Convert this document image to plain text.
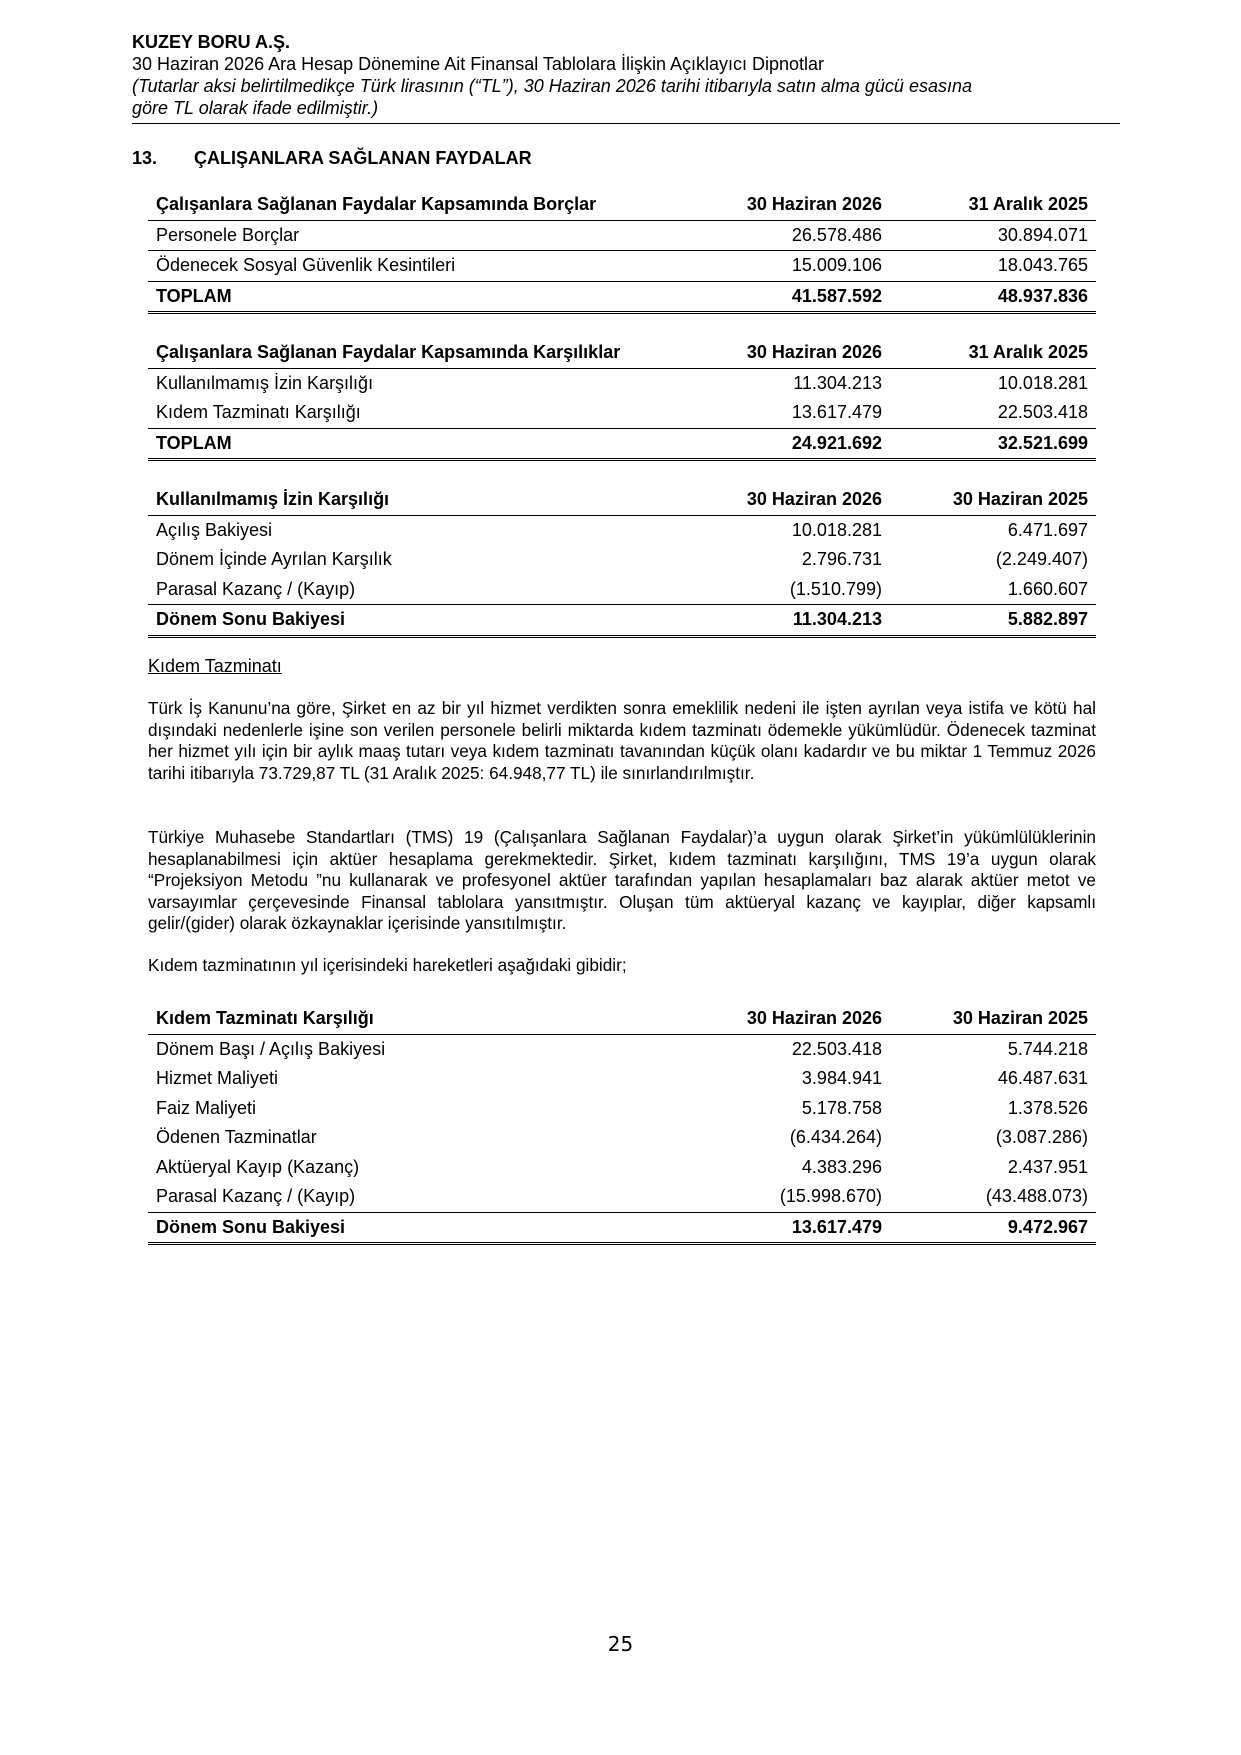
KUZEY BORU A.Ş.
30 Haziran 2026 Ara Hesap Dönemine Ait Finansal Tablolara İlişkin Açıklayıcı Dipnotlar
(Tutarlar aksi belirtilmedikçe Türk lirasının (“TL”), 30 Haziran 2026 tarihi itibarıyla satın alma gücü esasına
göre TL olarak ifade edilmiştir.)
13. ÇALIŞANLARA SAĞLANAN FAYDALAR
Çalışanlara Sağlanan Faydalar Kapsamında Borçlar	30 Haziran 2026	31 Aralık 2025
Personele Borçlar	26.578.486	30.894.071
Ödenecek Sosyal Güvenlik Kesintileri	15.009.106	18.043.765
TOPLAM	41.587.592	48.937.836
Çalışanlara Sağlanan Faydalar Kapsamında Karşılıklar	30 Haziran 2026	31 Aralık 2025
Kullanılmamış İzin Karşılığı	11.304.213	10.018.281
Kıdem Tazminatı Karşılığı	13.617.479	22.503.418
TOPLAM	24.921.692	32.521.699
Kullanılmamış İzin Karşılığı	30 Haziran 2026	30 Haziran 2025
Açılış Bakiyesi	10.018.281	6.471.697
Dönem İçinde Ayrılan Karşılık	2.796.731	(2.249.407)
Parasal Kazanç / (Kayıp)	(1.510.799)	1.660.607
Dönem Sonu Bakiyesi	11.304.213	5.882.897
Kıdem Tazminatı
Türk İş Kanunu’na göre, Şirket en az bir yıl hizmet verdikten sonra emeklilik nedeni ile işten ayrılan veya istifa ve kötü hal dışındaki nedenlerle işine son verilen personele belirli miktarda kıdem tazminatı ödemekle yükümlüdür. Ödenecek tazminat her hizmet yılı için bir aylık maaş tutarı veya kıdem tazminatı tavanından küçük olanı kadardır ve bu miktar 1 Temmuz 2026 tarihi itibarıyla 73.729,87 TL (31 Aralık 2025: 64.948,77 TL) ile sınırlandırılmıştır.
Türkiye Muhasebe Standartları (TMS) 19 (Çalışanlara Sağlanan Faydalar)’a uygun olarak Şirket’in yükümlülüklerinin hesaplanabilmesi için aktüer hesaplama gerekmektedir. Şirket, kıdem tazminatı karşılığını, TMS 19’a uygun olarak “Projeksiyon Metodu ”nu kullanarak ve profesyonel aktüer tarafından yapılan hesaplamaları baz alarak aktüer metot ve varsayımlar çerçevesinde Finansal tablolara yansıtmıştır. Oluşan tüm aktüeryal kazanç ve kayıplar, diğer kapsamlı gelir/(gider) olarak özkaynaklar içerisinde yansıtılmıştır.
Kıdem tazminatının yıl içerisindeki hareketleri aşağıdaki gibidir;
Kıdem Tazminatı Karşılığı	30 Haziran 2026	30 Haziran 2025
Dönem Başı / Açılış Bakiyesi	22.503.418	5.744.218
Hizmet Maliyeti	3.984.941	46.487.631
Faiz Maliyeti	5.178.758	1.378.526
Ödenen Tazminatlar	(6.434.264)	(3.087.286)
Aktüeryal Kayıp (Kazanç)	4.383.296	2.437.951
Parasal Kazanç / (Kayıp)	(15.998.670)	(43.488.073)
Dönem Sonu Bakiyesi	13.617.479	9.472.967
25
